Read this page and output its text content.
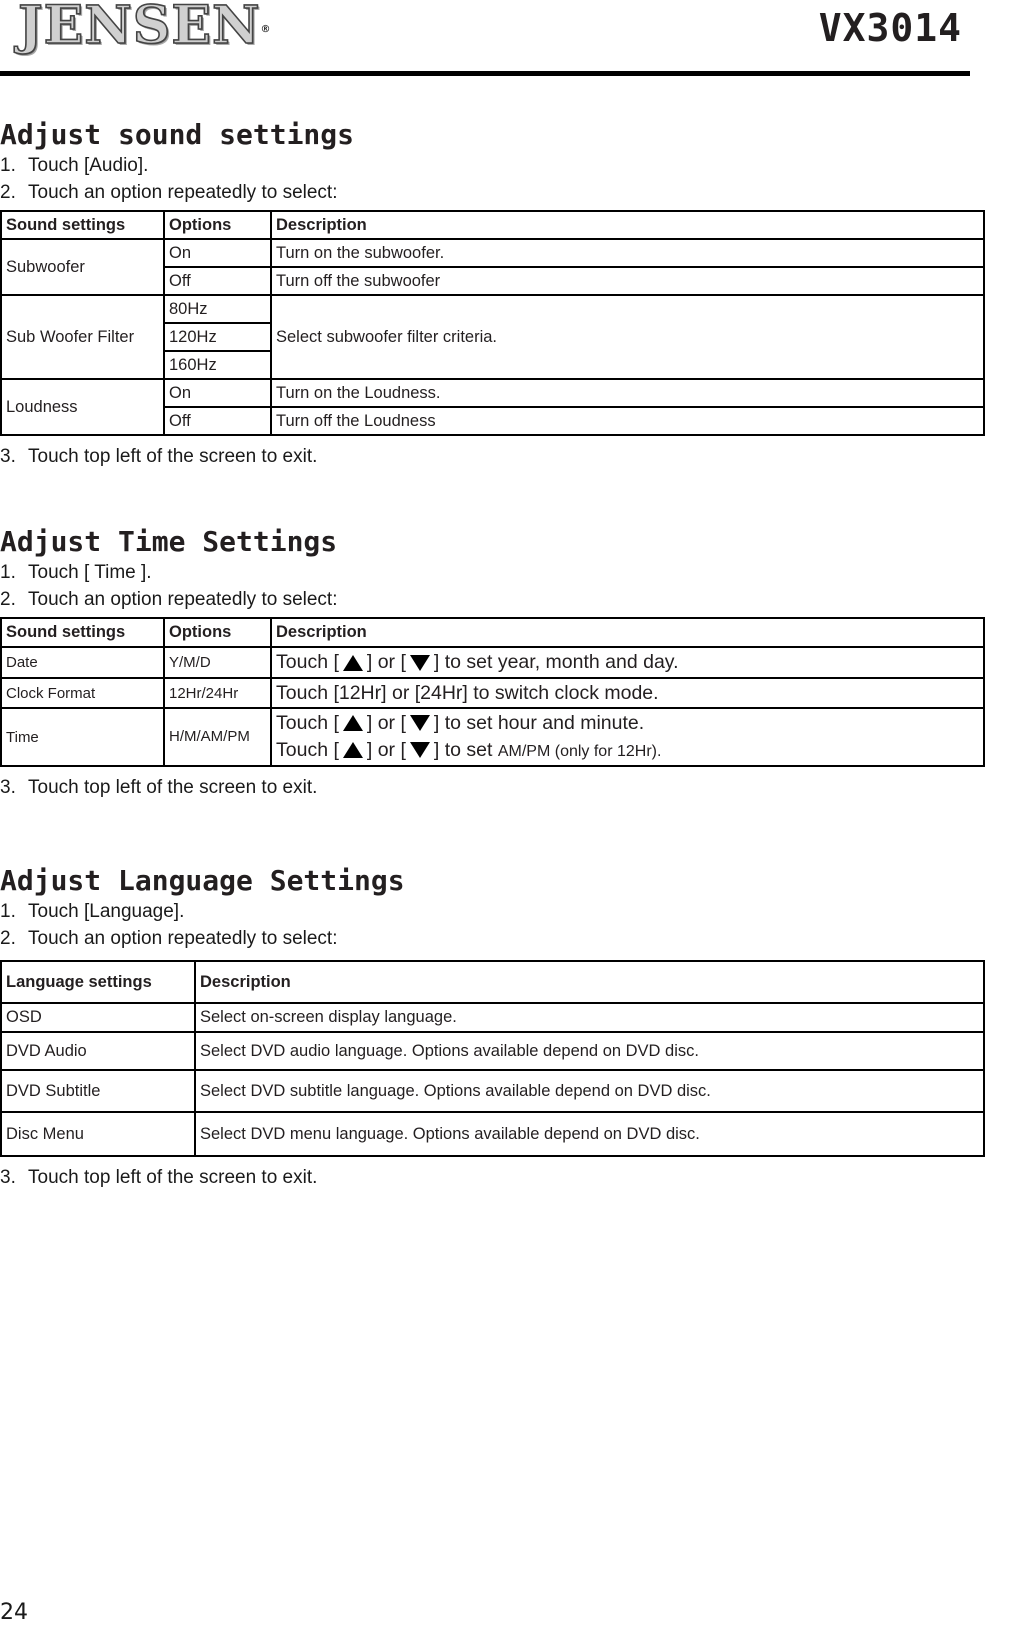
JENSEN®	VX3014
Adjust sound settings

1. Touch [Audio].

2. Touch an option repeatedly to select:

Sound settings	Options	Description
Subwoofer	On	Turn on the subwoofer.
	Off	Turn off the subwoofer
Sub Woofer Filter	80Hz	Select subwoofer filter criteria.
	120Hz	
	160Hz	
Loudness	On	Turn on the Loudness.
	Off	Turn off the Loudness

3. Touch top left of the screen to exit.

Adjust Time Settings

1. Touch [ Time ].

2. Touch an option repeatedly to select:

Sound settings	Options	Description
Date	Y/M/D	Touch [ ] or [ ] to set year, month and day.
Clock Format	12Hr/24Hr	Touch [12Hr] or [24Hr] to switch clock mode.
Time	H/M/AM/PM	Touch [ ] or [ ] to set hour and minute.
Touch [ ] or [ ] to set AM/PM (only for 12Hr).

3. Touch top left of the screen to exit.

Adjust Language Settings

1. Touch [Language].

2. Touch an option repeatedly to select:

Language settings	Description
OSD	Select on-screen display language.
DVD Audio	Select DVD audio language. Options available depend on DVD disc.
DVD Subtitle	Select DVD subtitle language. Options available depend on DVD disc.
Disc Menu	Select DVD menu language. Options available depend on DVD disc.

3. Touch top left of the screen to exit.

24
